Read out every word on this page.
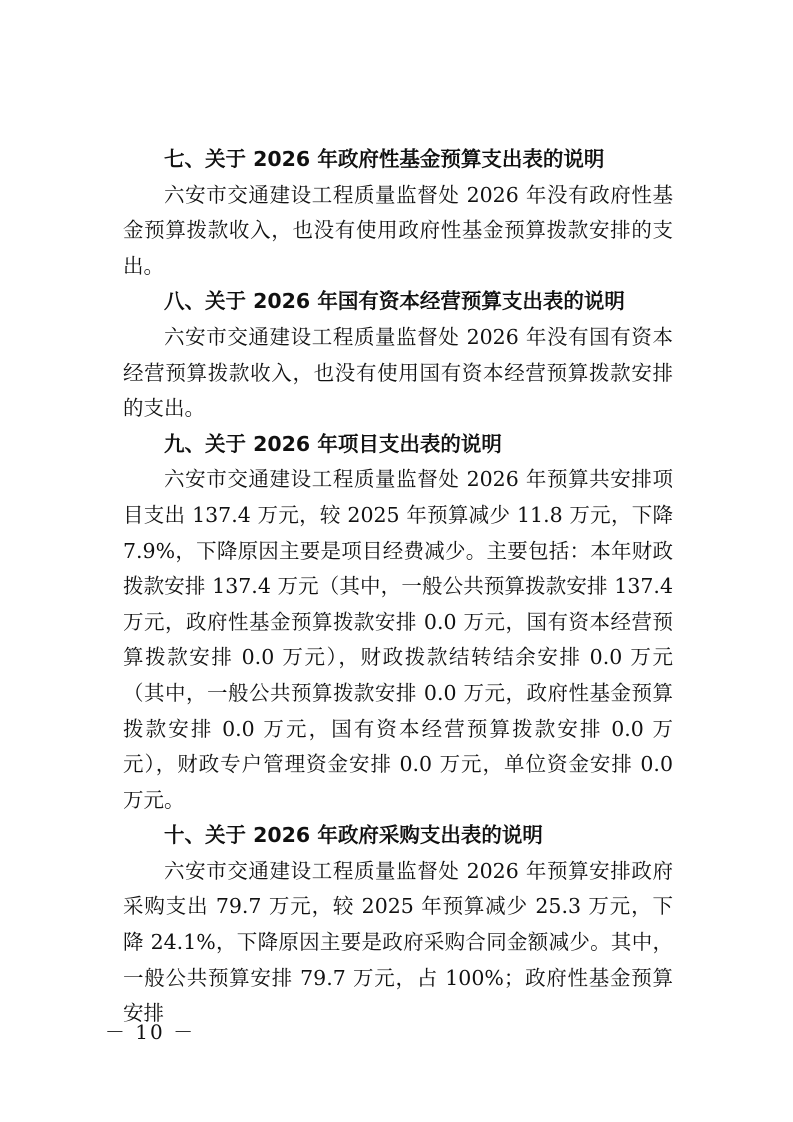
七、关于 2026 年政府性基金预算支出表的说明

六安市交通建设工程质量监督处 2026 年没有政府性基金预算拨款收入，也没有使用政府性基金预算拨款安排的支出。

八、关于 2026 年国有资本经营预算支出表的说明

六安市交通建设工程质量监督处 2026 年没有国有资本经营预算拨款收入，也没有使用国有资本经营预算拨款安排的支出。

九、关于 2026 年项目支出表的说明

六安市交通建设工程质量监督处 2026 年预算共安排项目支出 137.4 万元，较 2025 年预算减少 11.8 万元，下降 7.9%，下降原因主要是项目经费减少。主要包括：本年财政拨款安排 137.4 万元（其中，一般公共预算拨款安排 137.4 万元，政府性基金预算拨款安排 0.0 万元，国有资本经营预算拨款安排 0.0 万元），财政拨款结转结余安排 0.0 万元（其中，一般公共预算拨款安排 0.0 万元，政府性基金预算拨款安排 0.0 万元，国有资本经营预算拨款安排 0.0 万元），财政专户管理资金安排 0.0 万元，单位资金安排 0.0 万元。

十、关于 2026 年政府采购支出表的说明

六安市交通建设工程质量监督处 2026 年预算安排政府采购支出 79.7 万元，较 2025 年预算减少 25.3 万元，下降 24.1%，下降原因主要是政府采购合同金额减少。其中，一般公共预算安排 79.7 万元，占 100%；政府性基金预算安排

－ 10 －
